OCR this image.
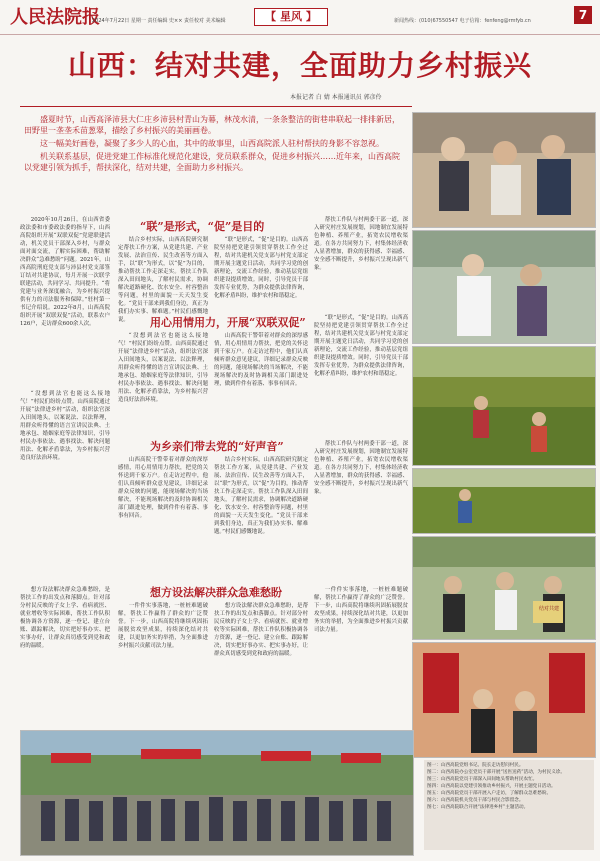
人民法院报
2024年7月22日 星期一 责任编辑 史×× 责任校对 美术编辑	【 星风 】	新闻热线：(010)67550547 电子信箱：fenfeng@rmfyb.cn	7
山西：结对共建，全面助力乡村振兴
本报记者 白 婧 本报通讯员 郭彦伶

盛夏时节，山西高泽沛县大仁庄乡沛县村青山为幕，林茂水清，一条条整洁的街巷串联起一排排新居，田野里一垄垄禾苗葱翠，描绘了乡村振兴的美丽画卷。

这一幅美好画卷，凝聚了多少人的心血，其中的故事里，山西高院派人驻村帮扶的身影不容忽视。

机关联系基层，促进党建工作标准化规范化建设，党员联系群众，促进乡村振兴……近年来，山西高院以党建引领为抓手，帮扶深化，结对共建，全面助力乡村振兴。

2020年10月26日，在山西省委政法委和市委政法委的指导下，山西高院组织开展“双联双促”党建联建活动，机关党员干部深入乡村，与群众面对面交流，了解实际困难，帮助解决群众“急难愁盼”问题。2021年，山西高院刑庭党支部与沛县村党支部签订结对共建协议，每月开展一次联学联建活动，共同学习、共同提升。“将党建与业务深度融合，为乡村振兴提供有力的司法服务和保障。”驻村第一书记介绍说。2022年8月，山西高院组织开展“双联双促”活动，联系农户126户，走访群众600余人次。

“联”是形式，“促”是目的

结合乡村实际，山西高院研究制定帮扶工作方案，从党建共建、产业发展、法治宣传、民生改善等方面入手，以“联”为形式，以“促”为目的，推动帮扶工作走深走实。帮扶工作队深入田间地头，了解村民需求，协调解决道路硬化、饮水安全、村容整治等问题，村里的面貌一天天发生变化。“党员干部来到我们身边，真正为我们办实事、解难题。”村民们感慨地说。

“联”是形式，“促”是目的。山西高院坚持把党建引领贯穿帮扶工作全过程，结对共建机关党支部与村党支部定期开展主题党日活动，共同学习党的创新理论，交流工作经验，推动基层党组织建设提质增效。同时，引导党员干部发挥专业优势，为群众提供法律咨询，化解矛盾纠纷，维护农村和谐稳定。

帮扶工作队与村两委干部一道，深入研究村庄发展规划，因地制宜发展特色种植、养殖产业，拓宽农民增收渠道。在各方共同努力下，村集体经济收入显著增加，群众的获得感、幸福感、安全感不断提升，乡村振兴呈现出新气象。

用心用情用力，开展“双联双促”

“没想到法官也能这么接地气！”村民们纷纷点赞。山西高院通过开展“法律进乡村”活动，组织法官深入田间地头，以案说法、以法释理，用群众听得懂的语言宣讲民法典、土地承包、婚姻家庭等法律知识，引导村民办事依法、遇事找法、解决问题用法、化解矛盾靠法，为乡村振兴营造良好法治环境。

山西高院干警带着对群众的深厚感情，用心用情用力帮扶，把党的关怀送到千家万户。在走访过程中，他们认真倾听群众意见建议，详细记录群众反映的问题，能现场解决的当场解决，不能现场解决的及时协调相关部门跟进处理，做到件件有着落、事事有回音。

“联”是形式，“促”是目的。山西高院坚持把党建引领贯穿帮扶工作全过程，结对共建机关党支部与村党支部定期开展主题党日活动，共同学习党的创新理论，交流工作经验，推动基层党组织建设提质增效。同时，引导党员干部发挥专业优势，为群众提供法律咨询，化解矛盾纠纷，维护农村和谐稳定。

“没想到法官也能这么接地气！”村民们纷纷点赞。山西高院通过开展“法律进乡村”活动，组织法官深入田间地头，以案说法、以法释理，用群众听得懂的语言宣讲民法典、土地承包、婚姻家庭等法律知识，引导村民办事依法、遇事找法、解决问题用法、化解矛盾靠法，为乡村振兴营造良好法治环境。

为乡亲们带去党的“好声音”

山西高院干警带着对群众的深厚感情，用心用情用力帮扶，把党的关怀送到千家万户。在走访过程中，他们认真倾听群众意见建议，详细记录群众反映的问题，能现场解决的当场解决，不能现场解决的及时协调相关部门跟进处理，做到件件有着落、事事有回音。

结合乡村实际，山西高院研究制定帮扶工作方案，从党建共建、产业发展、法治宣传、民生改善等方面入手，以“联”为形式，以“促”为目的，推动帮扶工作走深走实。帮扶工作队深入田间地头，了解村民需求，协调解决道路硬化、饮水安全、村容整治等问题，村里的面貌一天天发生变化。“党员干部来到我们身边，真正为我们办实事、解难题。”村民们感慨地说。

帮扶工作队与村两委干部一道，深入研究村庄发展规划，因地制宜发展特色种植、养殖产业，拓宽农民增收渠道。在各方共同努力下，村集体经济收入显著增加，群众的获得感、幸福感、安全感不断提升，乡村振兴呈现出新气象。

想方设法解决群众急难愁盼

想方设法解决群众急难愁盼，是帮扶工作的出发点和落脚点。针对部分村民反映的子女上学、看病就医、就业增收等实际困难，帮扶工作队积极协调各方资源，逐一登记、建立台账、跟踪解决，切实把好事办实、把实事办好，让群众真切感受到党和政府的温暖。

一件件实事落地，一桩桩难题破解，帮扶工作赢得了群众的广泛赞誉。下一步，山西高院将继续巩固拓展脱贫攻坚成果，持续深化结对共建，以更加务实的举措，为全面推进乡村振兴贡献司法力量。

想方设法解决群众急难愁盼，是帮扶工作的出发点和落脚点。针对部分村民反映的子女上学、看病就医、就业增收等实际困难，帮扶工作队积极协调各方资源，逐一登记、建立台账、跟踪解决，切实把好事办实、把实事办好，让群众真切感受到党和政府的温暖。

一件件实事落地，一桩桩难题破解，帮扶工作赢得了群众的广泛赞誉。下一步，山西高院将继续巩固拓展脱贫攻坚成果，持续深化结对共建，以更加务实的举措，为全面推进乡村振兴贡献司法力量。

结对共建
图一：山西高院党组书记、院长走访慰问村民。
图二：山西高院办公室党员干部开展“送医送药”活动，为村民义诊。
图三：山西高院党员干部深入田间地头帮助村民农忙。
图四：山西高院以党建引领推动乡村振兴，开展主题党日活动。
图五：山西高院党员干部开展入户走访，了解群众急难愁盼。
图六：山西高院机关党员干部与村民合影留念。
图七：山西高院联合开展“法律进乡村”主题活动。
